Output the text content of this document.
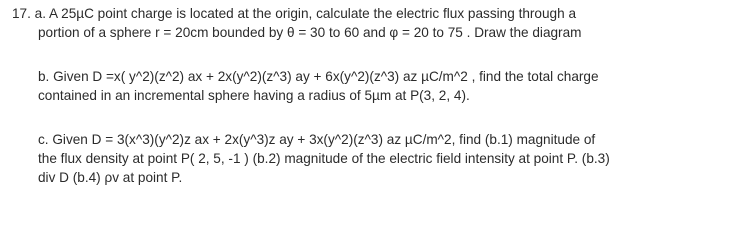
17. a. A 25µC point charge is located at the origin, calculate the electric flux passing through a
portion of a sphere r = 20cm bounded by θ = 30 to 60 and φ = 20 to 75 . Draw the diagram
b. Given D =x( y^2)(z^2) ax + 2x(y^2)(z^3) ay + 6x(y^2)(z^3) az µC/m^2 , find the total charge
contained in an incremental sphere having a radius of 5µm at P(3, 2, 4).
c. Given D = 3(x^3)(y^2)z ax + 2x(y^3)z ay + 3x(y^2)(z^3) az µC/m^2, find (b.1) magnitude of
the flux density at point P( 2, 5, -1 ) (b.2) magnitude of the electric field intensity at point P. (b.3)
div D (b.4) ρv at point P.
